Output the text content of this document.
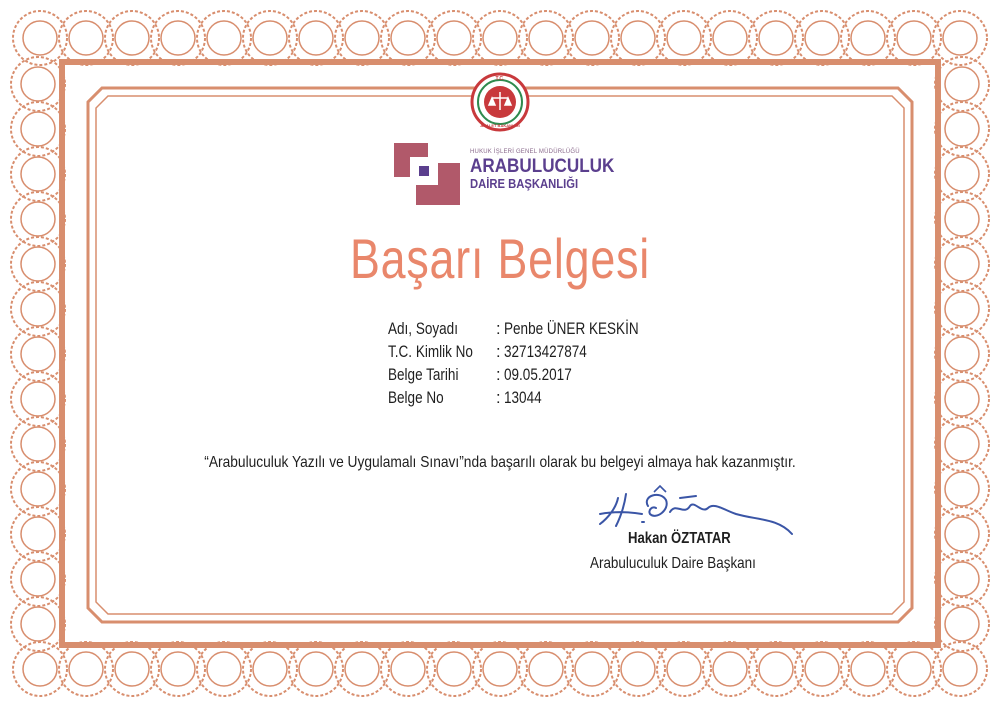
T.C.
ADALET BAKANLIĞI
HUKUK İŞLERİ GENEL MÜDÜRLÜĞÜ
ARABULUCULUK
DAİRE BAŞKANLIĞI
Başarı Belgesi
Adı, Soyadı : Penbe ÜNER KESKİN
T.C. Kimlik No : 32713427874
Belge Tarihi : 09.05.2017
Belge No	: 13044
“Arabuluculuk Yazılı ve Uygulamalı Sınavı”nda başarılı olarak bu belgeyi almaya hak kazanmıştır.
Hakan ÖZTATAR
Arabuluculuk Daire Başkanı
